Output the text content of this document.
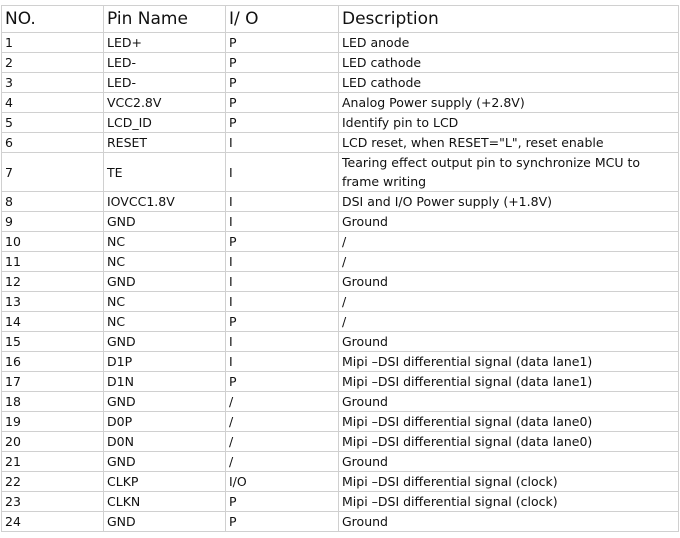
NO.	Pin Name	I/ O	Description
1	LED+	P	LED anode
2	LED-	P	LED cathode
3	LED-	P	LED cathode
4	VCC2.8V	P	Analog Power supply (+2.8V)
5	LCD_ID	P	Identify pin to LCD
6	RESET	I	LCD reset, when RESET="L", reset enable
7	TE	I	Tearing effect output pin to synchronize MCU to frame writing
8	IOVCC1.8V	I	DSI and I/O Power supply (+1.8V)
9	GND	I	Ground
10	NC	P	/
11	NC	I	/
12	GND	I	Ground
13	NC	I	/
14	NC	P	/
15	GND	I	Ground
16	D1P	I	Mipi –DSI differential signal (data lane1)
17	D1N	P	Mipi –DSI differential signal (data lane1)
18	GND	/	Ground
19	D0P	/	Mipi –DSI differential signal (data lane0)
20	D0N	/	Mipi –DSI differential signal (data lane0)
21	GND	/	Ground
22	CLKP	I/O	Mipi –DSI differential signal (clock)
23	CLKN	P	Mipi –DSI differential signal (clock)
24	GND	P	Ground
